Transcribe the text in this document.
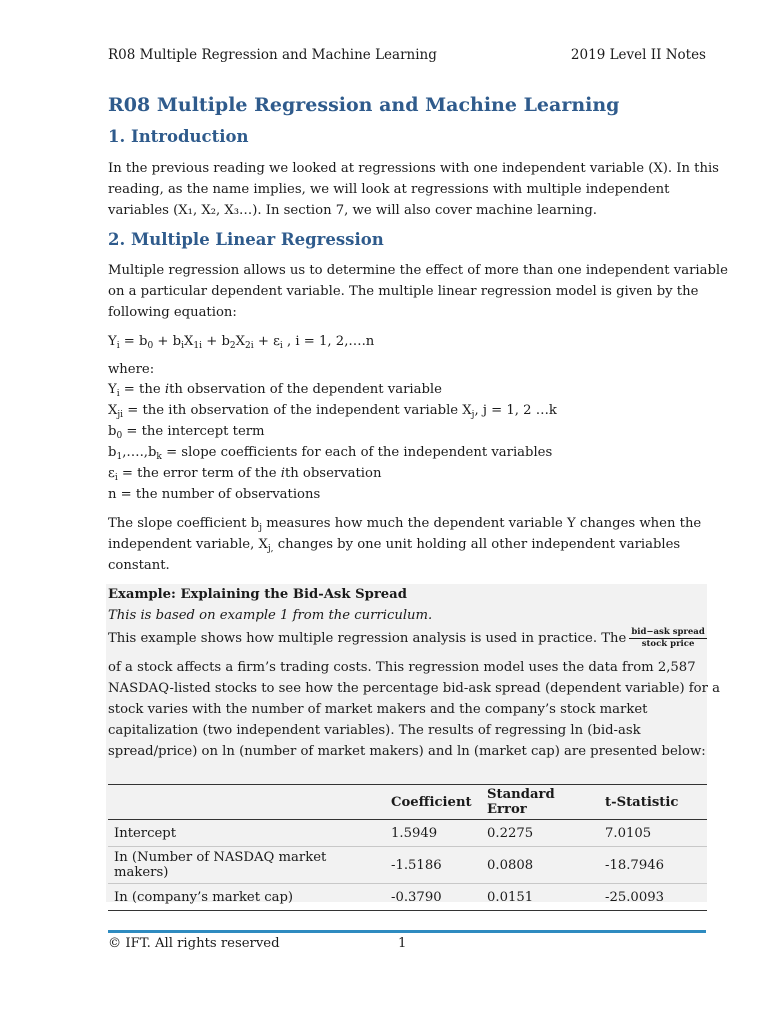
R08 Multiple Regression and Machine Learning	2019 Level II Notes
R08 Multiple Regression and Machine Learning
1. Introduction
In the previous reading we looked at regressions with one independent variable (X). In this
reading, as the name implies, we will look at regressions with multiple independent
variables (X₁, X₂, X₃…). In section 7, we will also cover machine learning.
2. Multiple Linear Regression
Multiple regression allows us to determine the effect of more than one independent variable
on a particular dependent variable. The multiple linear regression model is given by the
following equation:
$Y_i = b_0 + b_iX_{1i} + b_2X_{2i} + \varepsilon_i$ , i = 1, 2,….n
where:
$Y_i$ = the ith observation of the dependent variable
$X_{ji}$ = the ith observation of the independent variable $X_j$, j = 1, 2 …k
$b_0$ = the intercept term
$b_1,\dots.,b_k$ = slope coefficients for each of the independent variables
$\varepsilon_i$ = the error term of the ith observation
n = the number of observations
The slope coefficient $b_j$ measures how much the dependent variable Y changes when the
independent variable, $X_{j,}$ changes by one unit holding all other independent variables
constant.
Example: Explaining the Bid-Ask Spread
This is based on example 1 from the curriculum.
This example shows how multiple regression analysis is used in practice. The $\frac{\text{bid−ask spread}}{\text{stock price}}$
of a stock affects a firm’s trading costs. This regression model uses the data from 2,587
NASDAQ-listed stocks to see how the percentage bid-ask spread (dependent variable) for a
stock varies with the number of market makers and the company’s stock market
capitalization (two independent variables). The results of regressing ln (bid-ask
spread/price) on ln (number of market makers) and ln (market cap) are presented below:
	Coefficient	Standard Error	t-Statistic
Intercept	1.5949	0.2275	7.0105
In (Number of NASDAQ market makers)	-1.5186	0.0808	-18.7946
In (company’s market cap)	-0.3790	0.0151	-25.0093
© IFT. All rights reserved	1
